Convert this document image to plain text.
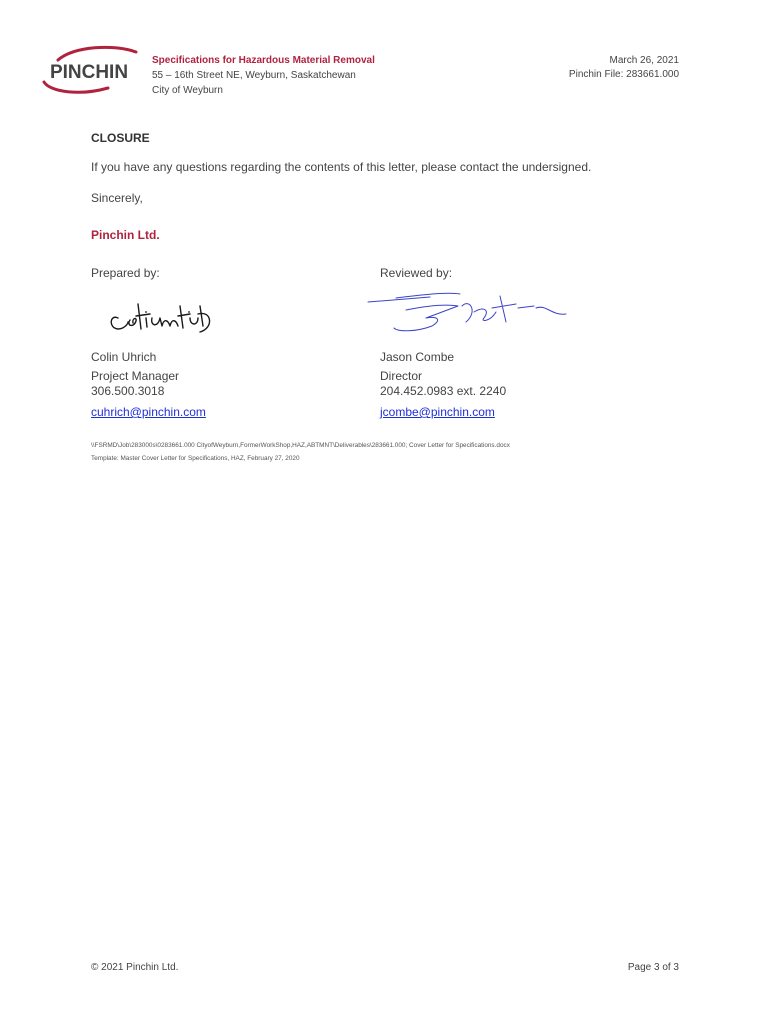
PINCHIN
Specifications for Hazardous Material Removal
55 – 16th Street NE, Weyburn, Saskatchewan
City of Weyburn
March 26, 2021
Pinchin File: 283661.000
CLOSURE
If you have any questions regarding the contents of this letter, please contact the undersigned.
Sincerely,
Pinchin Ltd.
Prepared by:
Colin Uhrich
Project Manager
306.500.3018
cuhrich@pinchin.com
Reviewed by:
Jason Combe
Director
204.452.0983 ext. 2240
jcombe@pinchin.com
\\FSRMD\Job\283000s\0283661.000 CityofWeyburn,FormerWorkShop,HAZ,ABTMNT\Deliverables\283661.000; Cover Letter for Specifications.docx
Template: Master Cover Letter for Specifications, HAZ, February 27, 2020
© 2021 Pinchin Ltd.	Page 3 of 3
